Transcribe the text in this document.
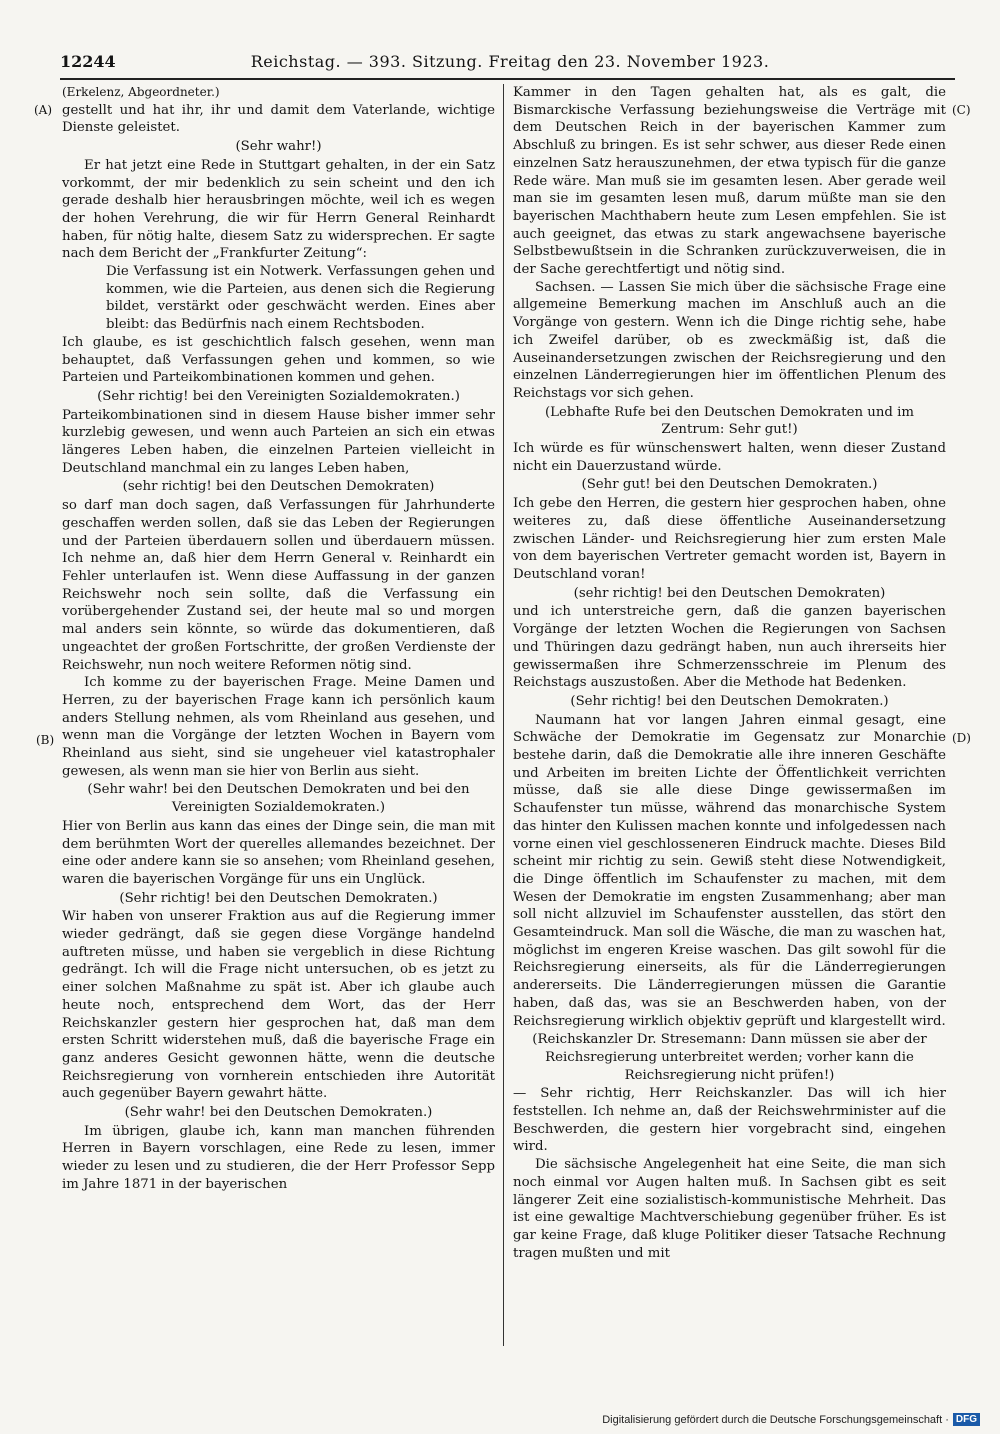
12244	Reichstag. — 393. Sitzung. Freitag den 23. November 1923.
(A)
(B)
(C)
(D)

(Erkelenz, Abgeordneter.)

gestellt und hat ihr, ihr und damit dem Vaterlande, wichtige Dienste geleistet.

(Sehr wahr!)

Er hat jetzt eine Rede in Stuttgart gehalten, in der ein Satz vorkommt, der mir bedenklich zu sein scheint und den ich gerade deshalb hier herausbringen möchte, weil ich es wegen der hohen Verehrung, die wir für Herrn General Reinhardt haben, für nötig halte, diesem Satz zu widersprechen. Er sagte nach dem Bericht der „Frankfurter Zeitung“:

Die Verfassung ist ein Notwerk. Verfassungen gehen und kommen, wie die Parteien, aus denen sich die Regierung bildet, verstärkt oder geschwächt werden. Eines aber bleibt: das Bedürfnis nach einem Rechtsboden.

Ich glaube, es ist geschichtlich falsch gesehen, wenn man behauptet, daß Verfassungen gehen und kommen, so wie Parteien und Parteikombinationen kommen und gehen.

(Sehr richtig! bei den Vereinigten Sozialdemokraten.)

Parteikombinationen sind in diesem Hause bisher immer sehr kurzlebig gewesen, und wenn auch Parteien an sich ein etwas längeres Leben haben, die einzelnen Parteien vielleicht in Deutschland manchmal ein zu langes Leben haben,

(sehr richtig! bei den Deutschen Demokraten)

so darf man doch sagen, daß Verfassungen für Jahrhunderte geschaffen werden sollen, daß sie das Leben der Regierungen und der Parteien überdauern sollen und überdauern müssen. Ich nehme an, daß hier dem Herrn General v. Reinhardt ein Fehler unterlaufen ist. Wenn diese Auffassung in der ganzen Reichswehr noch sein sollte, daß die Verfassung ein vorübergehender Zustand sei, der heute mal so und morgen mal anders sein könnte, so würde das dokumentieren, daß ungeachtet der großen Fortschritte, der großen Verdienste der Reichswehr, nun noch weitere Reformen nötig sind.

Ich komme zu der bayerischen Frage. Meine Damen und Herren, zu der bayerischen Frage kann ich persönlich kaum anders Stellung nehmen, als vom Rheinland aus gesehen, und wenn man die Vorgänge der letzten Wochen in Bayern vom Rheinland aus sieht, sind sie ungeheuer viel katastrophaler gewesen, als wenn man sie hier von Berlin aus sieht.

(Sehr wahr! bei den Deutschen Demokraten und bei den Vereinigten Sozialdemokraten.)

Hier von Berlin aus kann das eines der Dinge sein, die man mit dem berühmten Wort der querelles allemandes bezeichnet. Der eine oder andere kann sie so ansehen; vom Rheinland gesehen, waren die bayerischen Vorgänge für uns ein Unglück.

(Sehr richtig! bei den Deutschen Demokraten.)

Wir haben von unserer Fraktion aus auf die Regierung immer wieder gedrängt, daß sie gegen diese Vorgänge handelnd auftreten müsse, und haben sie vergeblich in diese Richtung gedrängt. Ich will die Frage nicht untersuchen, ob es jetzt zu einer solchen Maßnahme zu spät ist. Aber ich glaube auch heute noch, entsprechend dem Wort, das der Herr Reichskanzler gestern hier gesprochen hat, daß man dem ersten Schritt widerstehen muß, daß die bayerische Frage ein ganz anderes Gesicht gewonnen hätte, wenn die deutsche Reichsregierung von vornherein entschieden ihre Autorität auch gegenüber Bayern gewahrt hätte.

(Sehr wahr! bei den Deutschen Demokraten.)

Im übrigen, glaube ich, kann man manchen führenden Herren in Bayern vorschlagen, eine Rede zu lesen, immer wieder zu lesen und zu studieren, die der Herr Professor Sepp im Jahre 1871 in der bayerischen

Kammer in den Tagen gehalten hat, als es galt, die Bismarckische Verfassung beziehungsweise die Verträge mit dem Deutschen Reich in der bayerischen Kammer zum Abschluß zu bringen. Es ist sehr schwer, aus dieser Rede einen einzelnen Satz herauszunehmen, der etwa typisch für die ganze Rede wäre. Man muß sie im gesamten lesen. Aber gerade weil man sie im gesamten lesen muß, darum müßte man sie den bayerischen Machthabern heute zum Lesen empfehlen. Sie ist auch geeignet, das etwas zu stark angewachsene bayerische Selbstbewußtsein in die Schranken zurückzuverweisen, die in der Sache gerechtfertigt und nötig sind.

Sachsen. — Lassen Sie mich über die sächsische Frage eine allgemeine Bemerkung machen im Anschluß auch an die Vorgänge von gestern. Wenn ich die Dinge richtig sehe, habe ich Zweifel darüber, ob es zweckmäßig ist, daß die Auseinandersetzungen zwischen der Reichsregierung und den einzelnen Länderregierungen hier im öffentlichen Plenum des Reichstags vor sich gehen.

(Lebhafte Rufe bei den Deutschen Demokraten und im Zentrum: Sehr gut!)

Ich würde es für wünschenswert halten, wenn dieser Zustand nicht ein Dauerzustand würde.

(Sehr gut! bei den Deutschen Demokraten.)

Ich gebe den Herren, die gestern hier gesprochen haben, ohne weiteres zu, daß diese öffentliche Auseinandersetzung zwischen Länder- und Reichsregierung hier zum ersten Male von dem bayerischen Vertreter gemacht worden ist, Bayern in Deutschland voran!

(sehr richtig! bei den Deutschen Demokraten)

und ich unterstreiche gern, daß die ganzen bayerischen Vorgänge der letzten Wochen die Regierungen von Sachsen und Thüringen dazu gedrängt haben, nun auch ihrerseits hier gewissermaßen ihre Schmerzensschreie im Plenum des Reichstags auszustoßen. Aber die Methode hat Bedenken.

(Sehr richtig! bei den Deutschen Demokraten.)

Naumann hat vor langen Jahren einmal gesagt, eine Schwäche der Demokratie im Gegensatz zur Monarchie bestehe darin, daß die Demokratie alle ihre inneren Geschäfte und Arbeiten im breiten Lichte der Öffentlichkeit verrichten müsse, daß sie alle diese Dinge gewissermaßen im Schaufenster tun müsse, während das monarchische System das hinter den Kulissen machen konnte und infolgedessen nach vorne einen viel geschlosseneren Eindruck machte. Dieses Bild scheint mir richtig zu sein. Gewiß steht diese Notwendigkeit, die Dinge öffentlich im Schaufenster zu machen, mit dem Wesen der Demokratie im engsten Zusammenhang; aber man soll nicht allzuviel im Schaufenster ausstellen, das stört den Gesamteindruck. Man soll die Wäsche, die man zu waschen hat, möglichst im engeren Kreise waschen. Das gilt sowohl für die Reichsregierung einerseits, als für die Länderregierungen andererseits. Die Länderregierungen müssen die Garantie haben, daß das, was sie an Beschwerden haben, von der Reichsregierung wirklich objektiv geprüft und klargestellt wird.

(Reichskanzler Dr. Stresemann: Dann müssen sie aber der Reichsregierung unterbreitet werden; vorher kann die Reichsregierung nicht prüfen!)

— Sehr richtig, Herr Reichskanzler. Das will ich hier feststellen. Ich nehme an, daß der Reichswehrminister auf die Beschwerden, die gestern hier vorgebracht sind, eingehen wird.

Die sächsische Angelegenheit hat eine Seite, die man sich noch einmal vor Augen halten muß. In Sachsen gibt es seit längerer Zeit eine sozialistisch-kommunistische Mehrheit. Das ist eine gewaltige Machtverschiebung gegenüber früher. Es ist gar keine Frage, daß kluge Politiker dieser Tatsache Rechnung tragen mußten und mit

Digitalisierung gefördert durch die Deutsche Forschungsgemeinschaft · DFG
